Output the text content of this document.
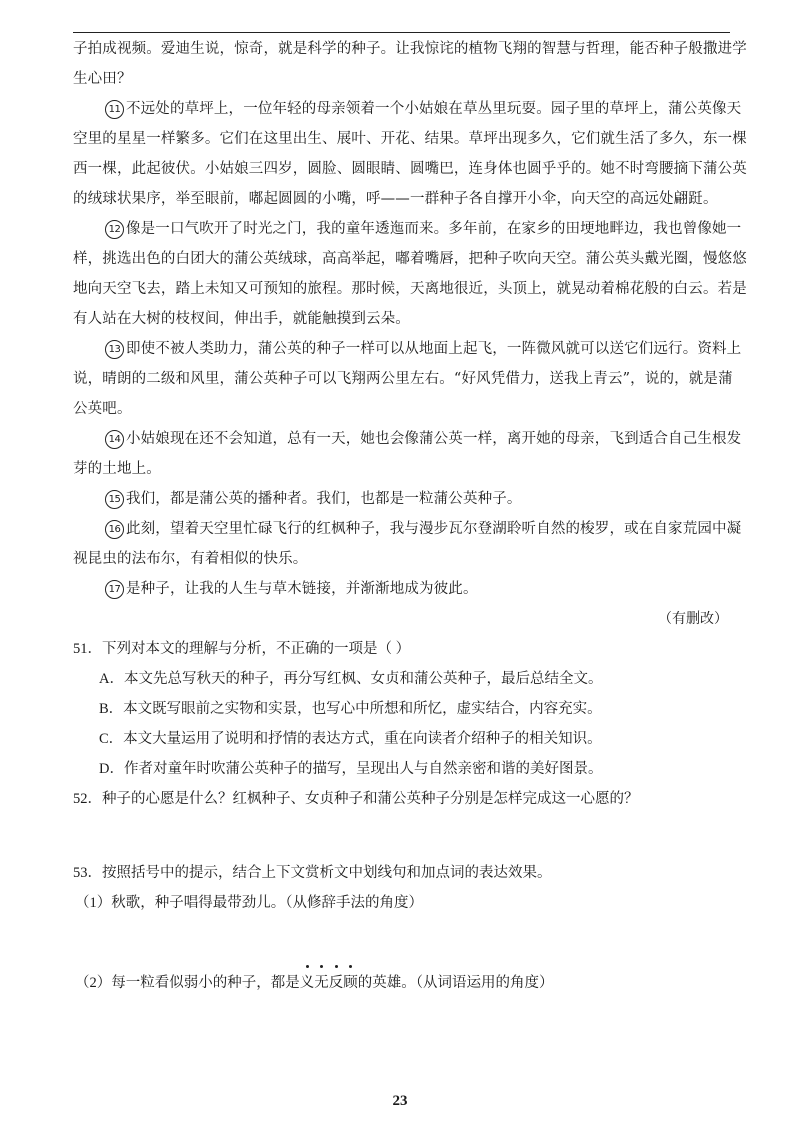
子拍成视频。爱迪生说，惊奇，就是科学的种子。让我惊诧的植物飞翔的智慧与哲理，能否种子般撒进学
生心田？
11 不远处的草坪上，一位年轻的母亲领着一个小姑娘在草丛里玩耍。园子里的草坪上，蒲公英像天
空里的星星一样繁多。它们在这里出生、展叶、开花、结果。草坪出现多久，它们就生活了多久，东一棵
西一棵，此起彼伏。小姑娘三四岁，圆脸、圆眼睛、圆嘴巴，连身体也圆乎乎的。她不时弯腰摘下蒲公英
的绒球状果序，举至眼前，嘟起圆圆的小嘴，呼——一群种子各自撑开小伞，向天空的高远处翩跹。
12 像是一口气吹开了时光之门，我的童年透迤而来。多年前，在家乡的田埂地畔边，我也曾像她一
样，挑选出色的白团大的蒲公英绒球，高高举起，嘟着嘴唇，把种子吹向天空。蒲公英头戴光圈，慢悠悠
地向天空飞去，踏上未知又可预知的旅程。那时候，天离地很近，头顶上，就晃动着棉花般的白云。若是
有人站在大树的枝杈间，伸出手，就能触摸到云朵。
13 即使不被人类助力，蒲公英的种子一样可以从地面上起飞，一阵微风就可以送它们远行。资料上
说，晴朗的二级和风里，蒲公英种子可以飞翔两公里左右。“好风凭借力，送我上青云”，说的，就是蒲
公英吧。
14 小姑娘现在还不会知道，总有一天，她也会像蒲公英一样，离开她的母亲，飞到适合自己生根发
芽的土地上。
15 我们，都是蒲公英的播种者。我们，也都是一粒蒲公英种子。
16 此刻，望着天空里忙碌飞行的红枫种子，我与漫步瓦尔登湖聆听自然的梭罗，或在自家荒园中凝
视昆虫的法布尔，有着相似的快乐。
17 是种子，让我的人生与草木链接，并渐渐地成为彼此。
（有删改）
51．下列对本文的理解与分析，不正确的一项是（ ）
A．本文先总写秋天的种子，再分写红枫、女贞和蒲公英种子，最后总结全文。
B．本文既写眼前之实物和实景，也写心中所想和所忆，虚实结合，内容充实。
C．本文大量运用了说明和抒情的表达方式，重在向读者介绍种子的相关知识。
D．作者对童年时吹蒲公英种子的描写，呈现出人与自然亲密和谐的美好图景。
52．种子的心愿是什么？红枫种子、女贞种子和蒲公英种子分别是怎样完成这一心愿的？
53．按照括号中的提示，结合上下文赏析文中划线句和加点词的表达效果。
（1）秋歌，种子唱得最带劲儿。（从修辞手法的角度）
（2）每一粒看似弱小的种子，都是义无反顾的英雄。（从词语运用的角度）
23
